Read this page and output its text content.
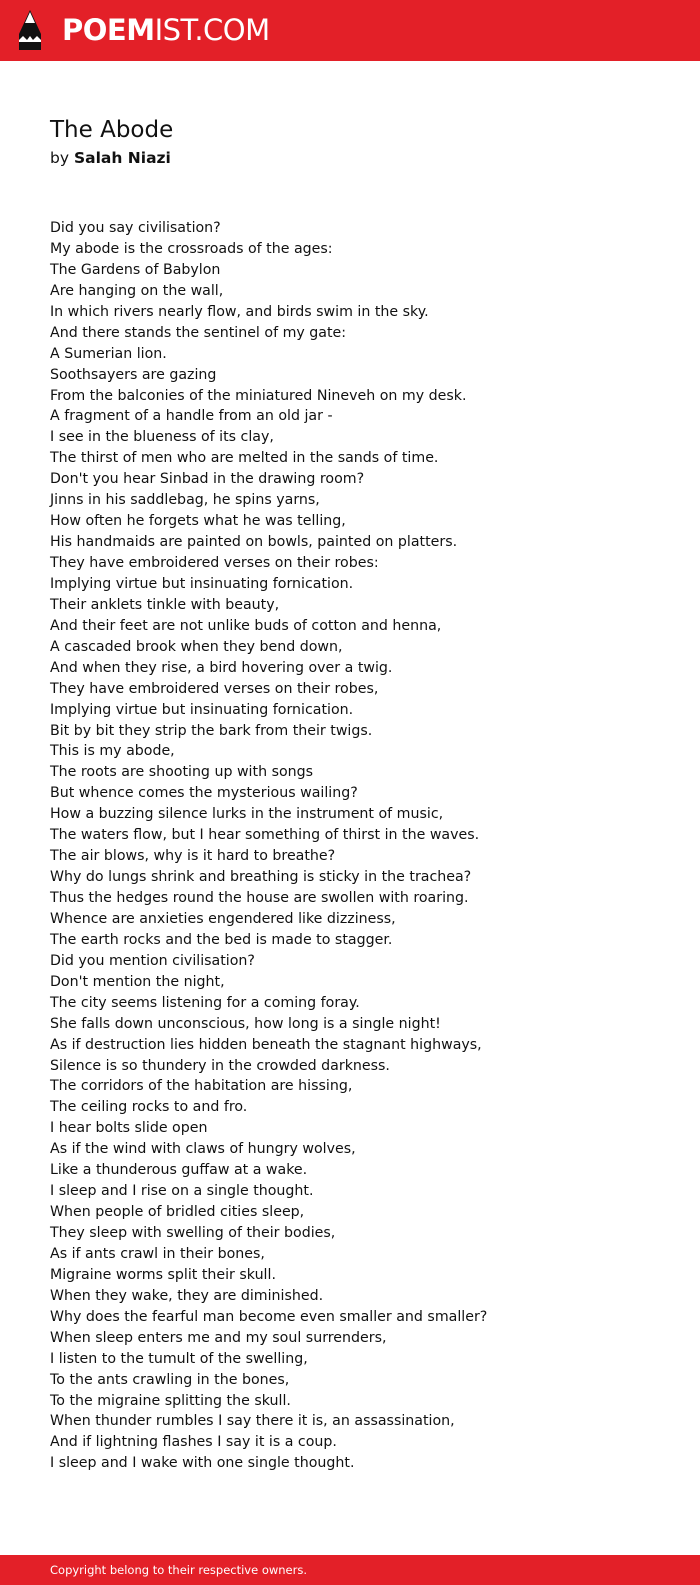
POEMIST.COM
The Abode
by Salah Niazi
Did you say civilisation?
My abode is the crossroads of the ages:
The Gardens of Babylon
Are hanging on the wall,
In which rivers nearly flow, and birds swim in the sky.
And there stands the sentinel of my gate:
A Sumerian lion.
Soothsayers are gazing
From the balconies of the miniatured Nineveh on my desk.
A fragment of a handle from an old jar -
I see in the blueness of its clay,
The thirst of men who are melted in the sands of time.
Don't you hear Sinbad in the drawing room?
Jinns in his saddlebag, he spins yarns,
How often he forgets what he was telling,
His handmaids are painted on bowls, painted on platters.
They have embroidered verses on their robes:
Implying virtue but insinuating fornication.
Their anklets tinkle with beauty,
And their feet are not unlike buds of cotton and henna,
A cascaded brook when they bend down,
And when they rise, a bird hovering over a twig.
They have embroidered verses on their robes,
Implying virtue but insinuating fornication.
Bit by bit they strip the bark from their twigs.
This is my abode,
The roots are shooting up with songs
But whence comes the mysterious wailing?
How a buzzing silence lurks in the instrument of music,
The waters flow, but I hear something of thirst in the waves.
The air blows, why is it hard to breathe?
Why do lungs shrink and breathing is sticky in the trachea?
Thus the hedges round the house are swollen with roaring.
Whence are anxieties engendered like dizziness,
The earth rocks and the bed is made to stagger.
Did you mention civilisation?
Don't mention the night,
The city seems listening for a coming foray.
She falls down unconscious, how long is a single night!
As if destruction lies hidden beneath the stagnant highways,
Silence is so thundery in the crowded darkness.
The corridors of the habitation are hissing,
The ceiling rocks to and fro.
I hear bolts slide open
As if the wind with claws of hungry wolves,
Like a thunderous guffaw at a wake.
I sleep and I rise on a single thought.
When people of bridled cities sleep,
They sleep with swelling of their bodies,
As if ants crawl in their bones,
Migraine worms split their skull.
When they wake, they are diminished.
Why does the fearful man become even smaller and smaller?
When sleep enters me and my soul surrenders,
I listen to the tumult of the swelling,
To the ants crawling in the bones,
To the migraine splitting the skull.
When thunder rumbles I say there it is, an assassination,
And if lightning flashes I say it is a coup.
I sleep and I wake with one single thought.
Copyright belong to their respective owners.
